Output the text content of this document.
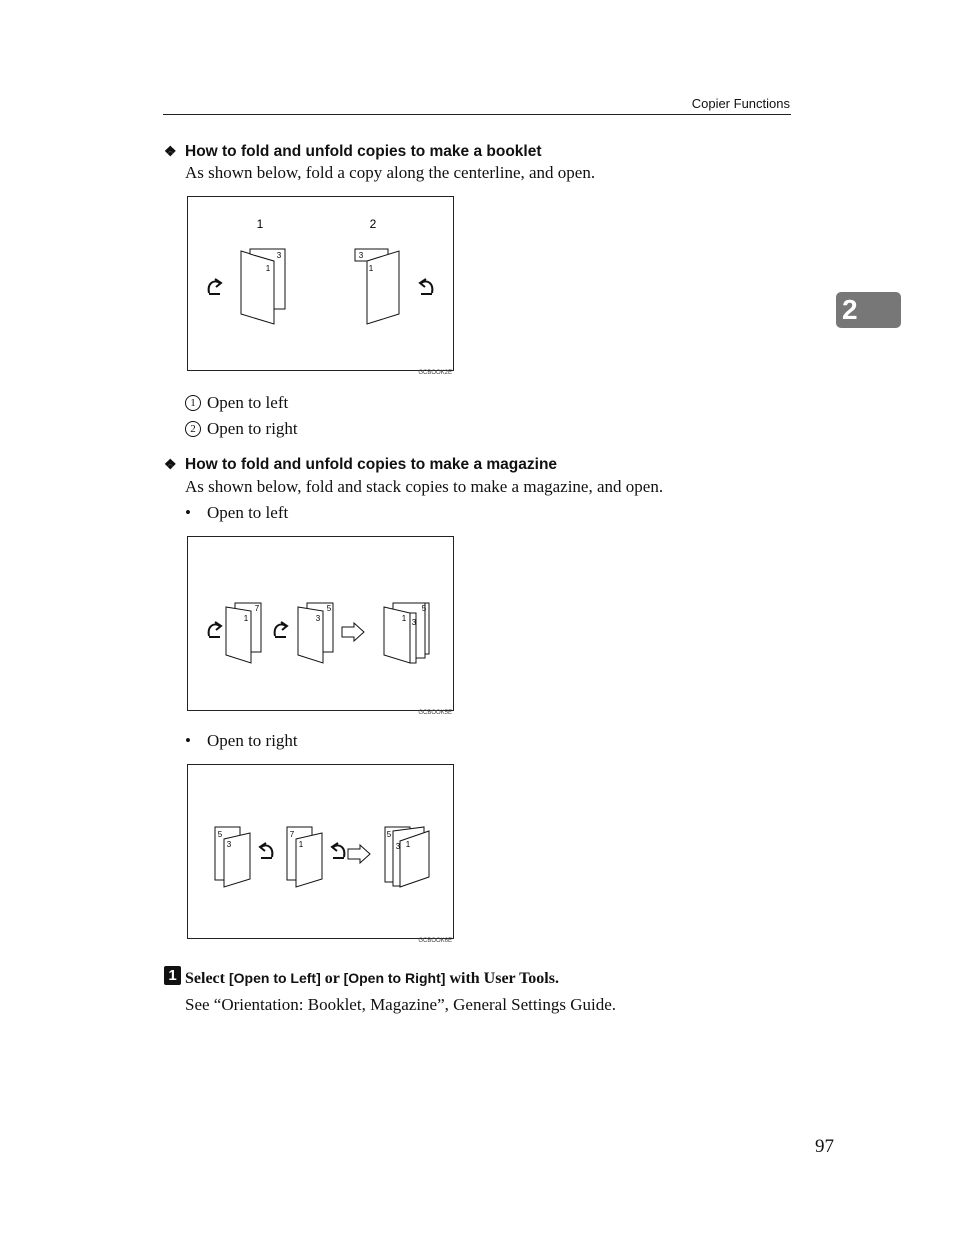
Copier Functions
2
❖ How to fold and unfold copies to make a booklet
As shown below, fold a copy along the centerline, and open.
1	2
3
1
3
1
GCBOOK2E
1 Open to left
2 Open to right
❖ How to fold and unfold copies to make a magazine
As shown below, fold and stack copies to make a magazine, and open.
• Open to left
7
1
5
3	1 3
5
GCBOOK5E
• Open to right
5
3
7
1
5
3 1
GCBOOK6E
1 Select [Open to Left] or [Open to Right] with User Tools.
See “Orientation: Booklet, Magazine”, General Settings Guide.
97
